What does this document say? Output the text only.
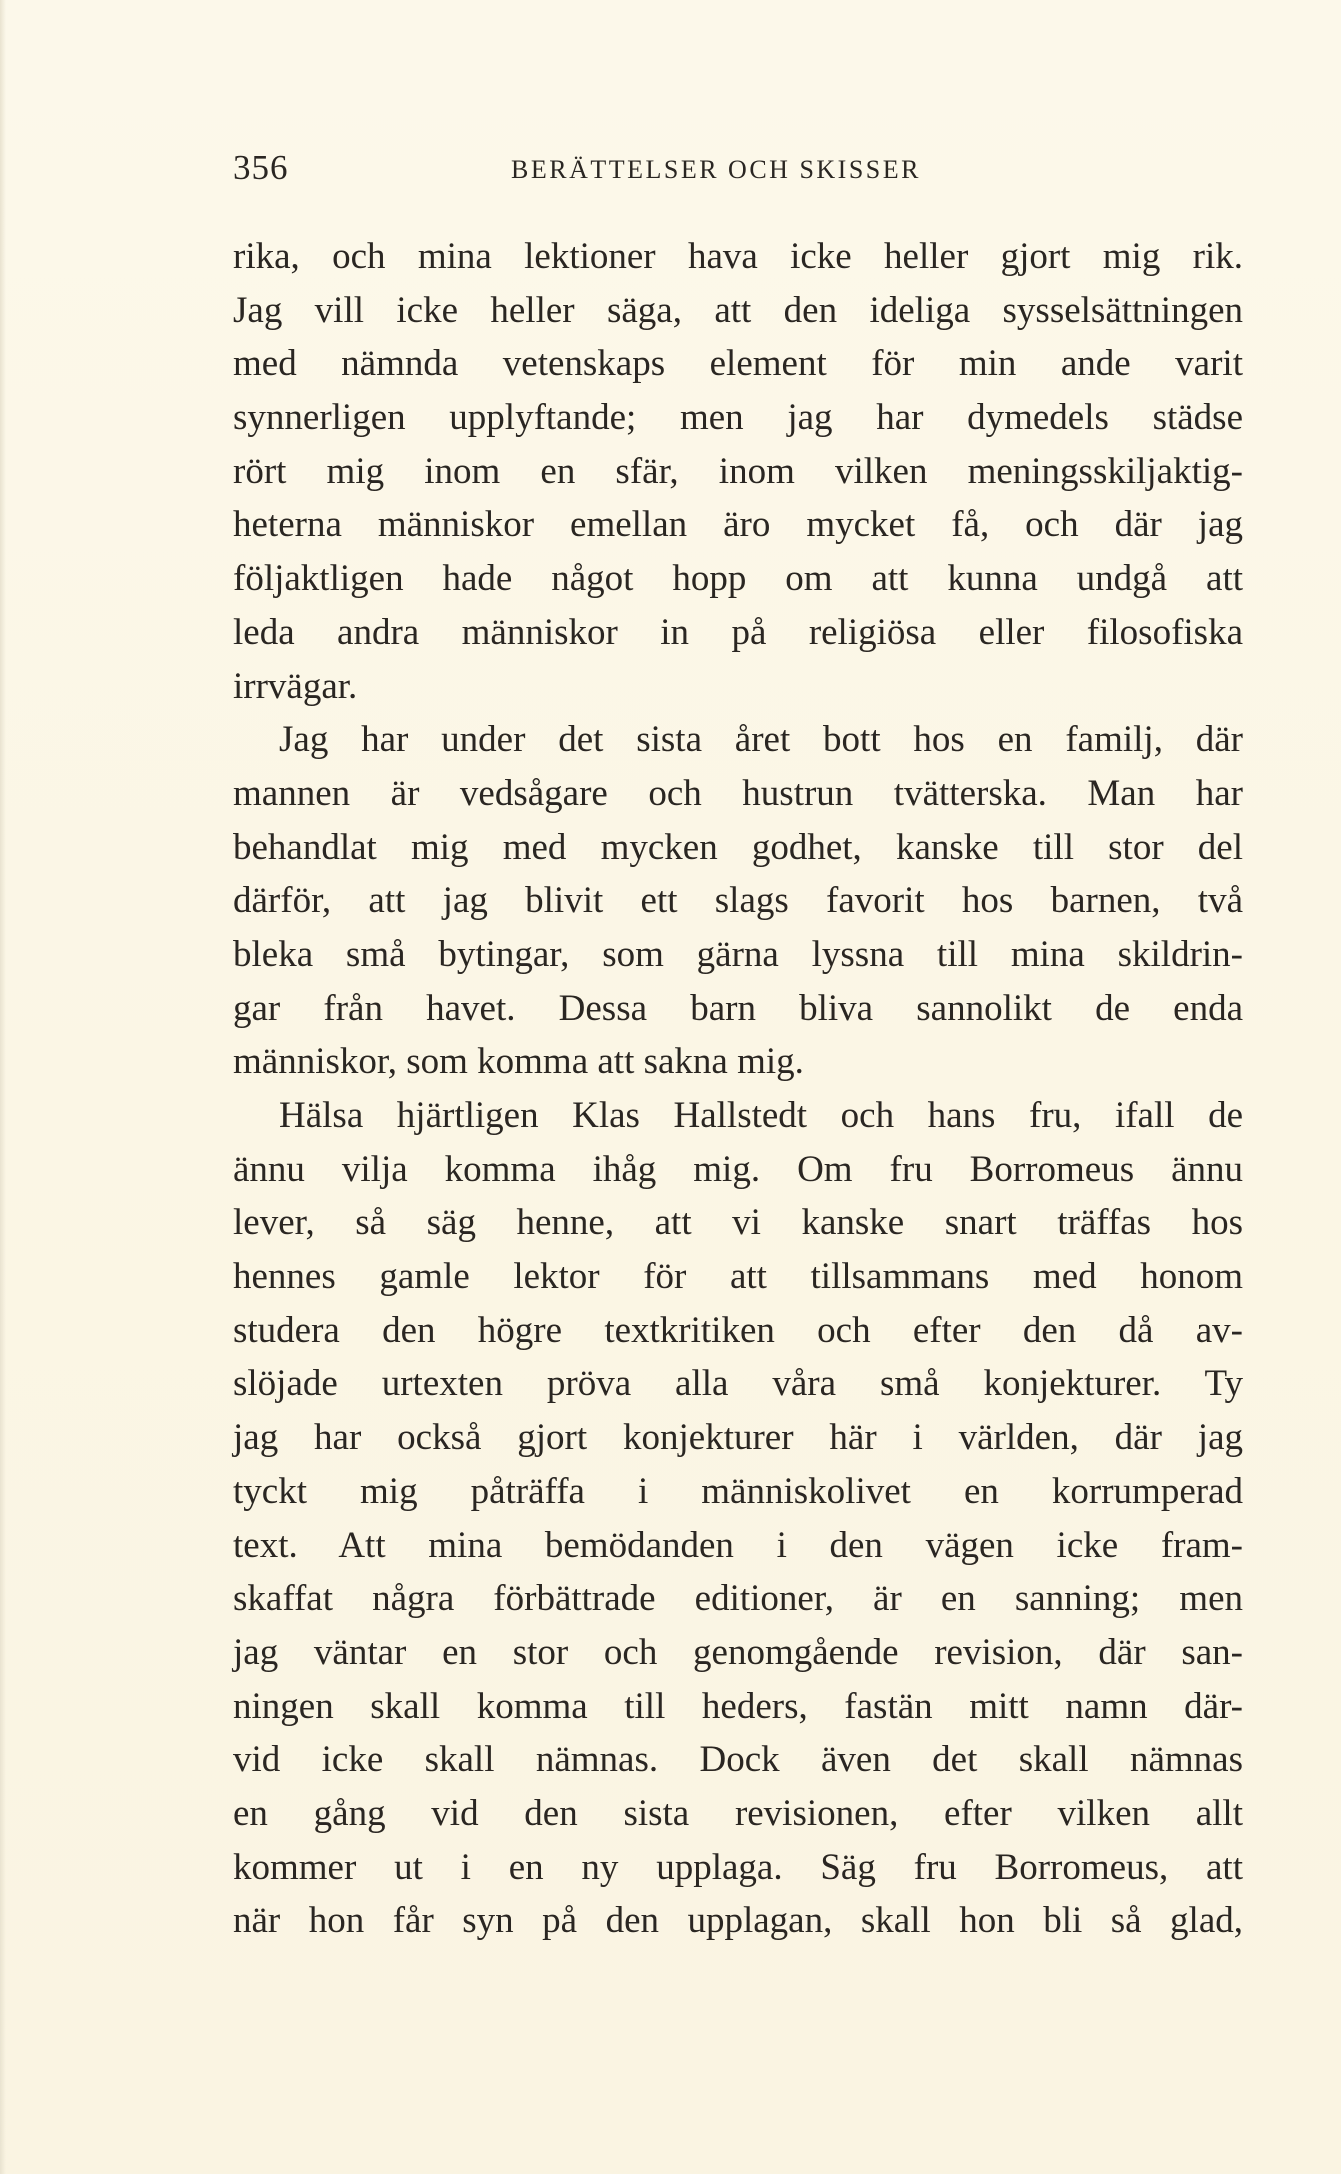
356	BERÄTTELSER OCH SKISSER
rika, och mina lektioner hava icke heller gjort mig rik.
Jag vill icke heller säga, att den ideliga sysselsättningen
med nämnda vetenskaps element för min ande varit
synnerligen upplyftande; men jag har dymedels städse
rört mig inom en sfär, inom vilken meningsskiljaktig-
heterna människor emellan äro mycket få, och där jag
följaktligen hade något hopp om att kunna undgå att
leda andra människor in på religiösa eller filosofiska
irrvägar.
Jag har under det sista året bott hos en familj, där
mannen är vedsågare och hustrun tvätterska. Man har
behandlat mig med mycken godhet, kanske till stor del
därför, att jag blivit ett slags favorit hos barnen, två
bleka små bytingar, som gärna lyssna till mina skildrin-
gar från havet. Dessa barn bliva sannolikt de enda
människor, som komma att sakna mig.
Hälsa hjärtligen Klas Hallstedt och hans fru, ifall de
ännu vilja komma ihåg mig. Om fru Borromeus ännu
lever, så säg henne, att vi kanske snart träffas hos
hennes gamle lektor för att tillsammans med honom
studera den högre textkritiken och efter den då av-
slöjade urtexten pröva alla våra små konjekturer. Ty
jag har också gjort konjekturer här i världen, där jag
tyckt mig påträffa i människolivet en korrumperad
text. Att mina bemödanden i den vägen icke fram-
skaffat några förbättrade editioner, är en sanning; men
jag väntar en stor och genomgående revision, där san-
ningen skall komma till heders, fastän mitt namn där-
vid icke skall nämnas. Dock även det skall nämnas
en gång vid den sista revisionen, efter vilken allt
kommer ut i en ny upplaga. Säg fru Borromeus, att
när hon får syn på den upplagan, skall hon bli så glad,
